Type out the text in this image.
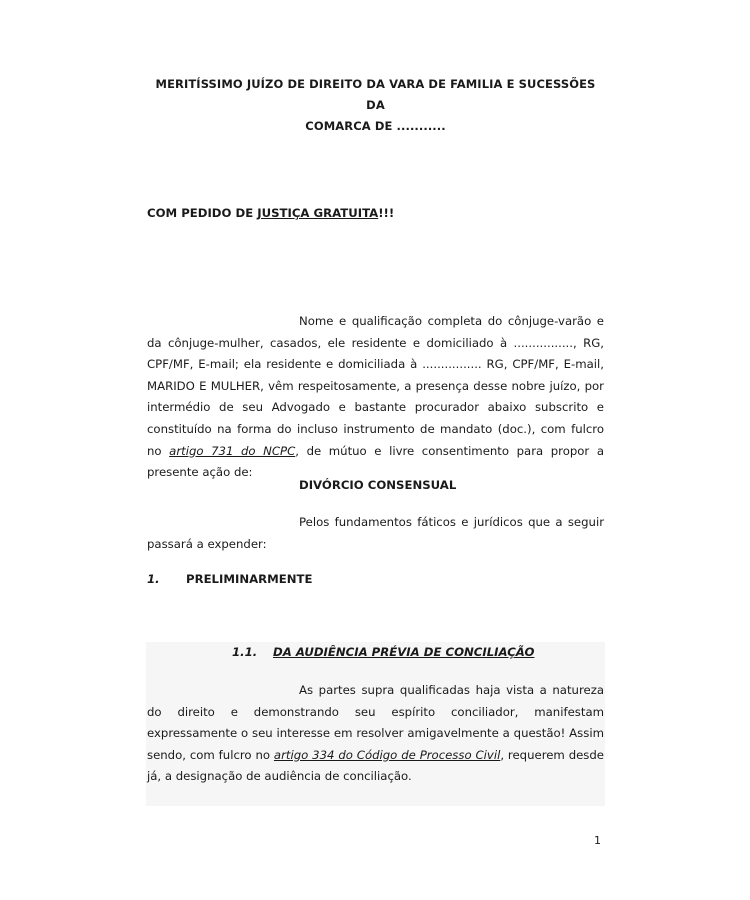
MERITÍSSIMO JUÍZO DE DIREITO DA VARA DE FAMILIA E SUCESSÕES DA
COMARCA DE ...........
COM PEDIDO DE JUSTIÇA GRATUITA!!!
Nome e qualificação completa do cônjuge-varão e da cônjuge-mulher, casados, ele residente e domiciliado à ................, RG, CPF/MF, E-mail; ela residente e domiciliada à ................ RG, CPF/MF, E-mail, MARIDO E MULHER, vêm respeitosamente, a presença desse nobre juízo, por intermédio de seu Advogado e bastante procurador abaixo subscrito e constituído na forma do incluso instrumento de mandato (doc.), com fulcro no artigo 731 do NCPC, de mútuo e livre consentimento para propor a presente ação de:
DIVÓRCIO CONSENSUAL
Pelos fundamentos fáticos e jurídicos que a seguir passará a expender:
1. PRELIMINARMENTE
1.1. DA AUDIÊNCIA PRÉVIA DE CONCILIAÇÃO
As partes supra qualificadas haja vista a natureza do direito e demonstrando seu espírito conciliador, manifestam expressamente o seu interesse em resolver amigavelmente a questão! Assim sendo, com fulcro no artigo 334 do Código de Processo Civil, requerem desde já, a designação de audiência de conciliação.
1
